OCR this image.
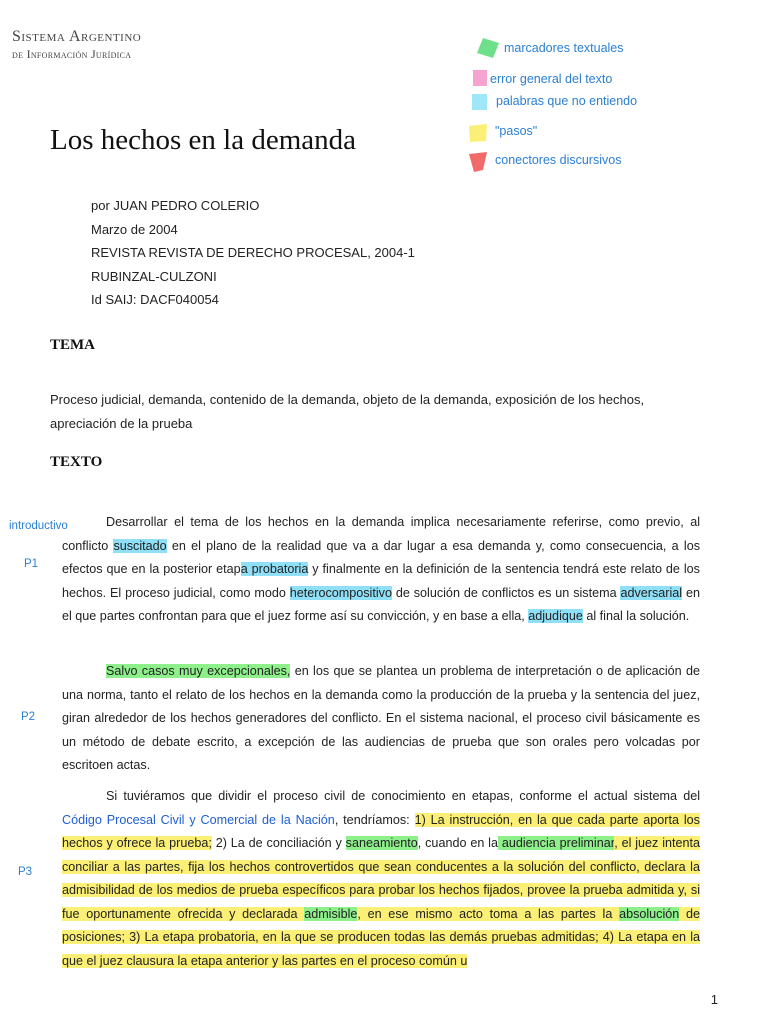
Sistema Argentino
de Información Jurídica	marcadores textuales
error general del texto
palabras que no entiendo
"pasos"
conectores discursivos
Los hechos en la demanda
por JUAN PEDRO COLERIO
Marzo de 2004
REVISTA REVISTA DE DERECHO PROCESAL, 2004-1
RUBINZAL-CULZONI
Id SAIJ: DACF040054
TEMA
Proceso judicial, demanda, contenido de la demanda, objeto de la demanda, exposición de los hechos, apreciación de la prueba
TEXTO
introductivo
P1
P2
P3
Desarrollar el tema de los hechos en la demanda implica necesariamente referirse, como previo, al conflicto suscitado en el plano de la realidad que va a dar lugar a esa demanda y, como consecuencia, a los efectos que en la posterior etapa probatoria y finalmente en la definición de la sentencia tendrá este relato de los hechos. El proceso judicial, como modo heterocompositivo de solución de conflictos es un sistema adversarial en el que partes confrontan para que el juez forme así su convicción, y en base a ella, adjudique al final la solución.
Salvo casos muy excepcionales, en los que se plantea un problema de interpretación o de aplicación de una norma, tanto el relato de los hechos en la demanda como la producción de la prueba y la sentencia del juez, giran alrededor de los hechos generadores del conflicto. En el sistema nacional, el proceso civil básicamente es un método de debate escrito, a excepción de las audiencias de prueba que son orales pero volcadas por escritoen actas.
Si tuviéramos que dividir el proceso civil de conocimiento en etapas, conforme el actual sistema del Código Procesal Civil y Comercial de la Nación, tendríamos: 1) La instrucción, en la que cada parte aporta los hechos y ofrece la prueba; 2) La de conciliación y saneamiento, cuando en la audiencia preliminar, el juez intenta conciliar a las partes, fija los hechos controvertidos que sean conducentes a la solución del conflicto, declara la admisibilidad de los medios de prueba específicos para probar los hechos fijados, provee la prueba admitida y, si fue oportunamente ofrecida y declarada admisible, en ese mismo acto toma a las partes la absolución de posiciones; 3) La etapa probatoria, en la que se producen todas las demás pruebas admitidas; 4) La etapa en la que el juez clausura la etapa anterior y las partes en el proceso común u
1
